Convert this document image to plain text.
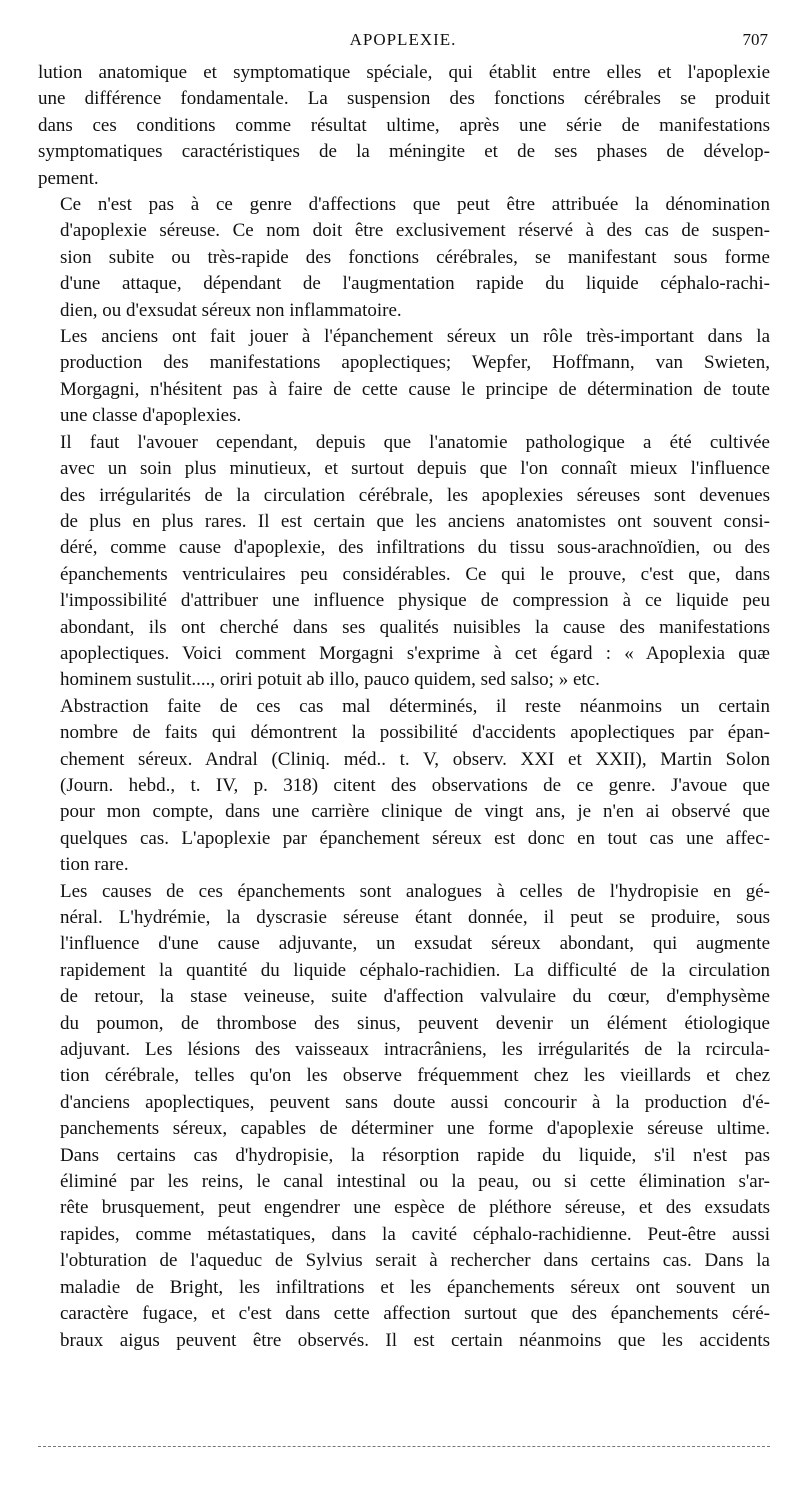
APOPLEXIE.	707

lution anatomique et symptomatique spéciale, qui établit entre elles et l'apoplexie
une différence fondamentale. La suspension des fonctions cérébrales se produit
dans ces conditions comme résultat ultime, après une série de manifestations
symptomatiques caractéristiques de la méningite et de ses phases de dévelop-
pement.

Ce n'est pas à ce genre d'affections que peut être attribuée la dénomination
d'apoplexie séreuse. Ce nom doit être exclusivement réservé à des cas de suspen-
sion subite ou très-rapide des fonctions cérébrales, se manifestant sous forme
d'une attaque, dépendant de l'augmentation rapide du liquide céphalo-rachi-
dien, ou d'exsudat séreux non inflammatoire.

Les anciens ont fait jouer à l'épanchement séreux un rôle très-important dans la
production des manifestations apoplectiques; Wepfer, Hoffmann, van Swieten,
Morgagni, n'hésitent pas à faire de cette cause le principe de détermination de toute
une classe d'apoplexies.

Il faut l'avouer cependant, depuis que l'anatomie pathologique a été cultivée
avec un soin plus minutieux, et surtout depuis que l'on connaît mieux l'influence
des irrégularités de la circulation cérébrale, les apoplexies séreuses sont devenues
de plus en plus rares. Il est certain que les anciens anatomistes ont souvent consi-
déré, comme cause d'apoplexie, des infiltrations du tissu sous-arachnoïdien, ou des
épanchements ventriculaires peu considérables. Ce qui le prouve, c'est que, dans
l'impossibilité d'attribuer une influence physique de compression à ce liquide peu
abondant, ils ont cherché dans ses qualités nuisibles la cause des manifestations
apoplectiques. Voici comment Morgagni s'exprime à cet égard : « Apoplexia quæ
hominem sustulit...., oriri potuit ab illo, pauco quidem, sed salso; » etc.

Abstraction faite de ces cas mal déterminés, il reste néanmoins un certain
nombre de faits qui démontrent la possibilité d'accidents apoplectiques par épan-
chement séreux. Andral (Cliniq. méd.. t. V, observ. XXI et XXII), Martin Solon
(Journ. hebd., t. IV, p. 318) citent des observations de ce genre. J'avoue que
pour mon compte, dans une carrière clinique de vingt ans, je n'en ai observé que
quelques cas. L'apoplexie par épanchement séreux est donc en tout cas une affec-
tion rare.

Les causes de ces épanchements sont analogues à celles de l'hydropisie en gé-
néral. L'hydrémie, la dyscrasie séreuse étant donnée, il peut se produire, sous
l'influence d'une cause adjuvante, un exsudat séreux abondant, qui augmente
rapidement la quantité du liquide céphalo-rachidien. La difficulté de la circulation
de retour, la stase veineuse, suite d'affection valvulaire du cœur, d'emphysème
du poumon, de thrombose des sinus, peuvent devenir un élément étiologique
adjuvant. Les lésions des vaisseaux intracrâniens, les irrégularités de la rcircula-
tion cérébrale, telles qu'on les observe fréquemment chez les vieillards et chez
d'anciens apoplectiques, peuvent sans doute aussi concourir à la production d'é-
panchements séreux, capables de déterminer une forme d'apoplexie séreuse ultime.
Dans certains cas d'hydropisie, la résorption rapide du liquide, s'il n'est pas
éliminé par les reins, le canal intestinal ou la peau, ou si cette élimination s'ar-
rête brusquement, peut engendrer une espèce de pléthore séreuse, et des exsudats
rapides, comme métastatiques, dans la cavité céphalo-rachidienne. Peut-être aussi
l'obturation de l'aqueduc de Sylvius serait à rechercher dans certains cas. Dans la
maladie de Bright, les infiltrations et les épanchements séreux ont souvent un
caractère fugace, et c'est dans cette affection surtout que des épanchements céré-
braux aigus peuvent être observés. Il est certain néanmoins que les accidents
